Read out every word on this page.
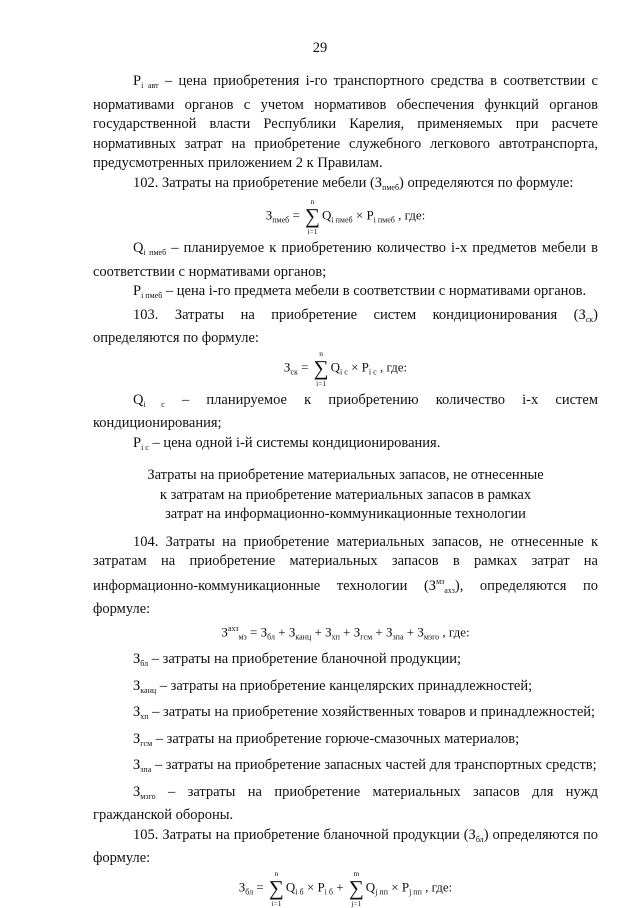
29

$P_{i авт}$ – цена приобретения i-го транспортного средства в соответствии с нормативами органов с учетом нормативов обеспечения функций органов государственной власти Республики Карелия, применяемых при расчете нормативных затрат на приобретение служебного легкового автотранспорта, предусмотренных приложением 2 к Правилам.

102. Затраты на приобретение мебели $(З_{пмеб})$ определяются по формуле:

$З_{пмеб}$ =
n
∑
i=1
$Q_{i пмеб} \times P_{i пмеб}$ , где:

$Q_{i пмеб}$ – планируемое к приобретению количество i-х предметов мебели в соответствии с нормативами органов;

$P_{i пмеб}$ – цена i-го предмета мебели в соответствии с нормативами органов.

103. Затраты на приобретение систем кондиционирования $(З_{ск})$ определяются по формуле:

$З_{ск}$ =
n
∑
i=1
$Q_{i с} \times P_{i с}$ , где:

$Q_{i с}$ – планируемое к приобретению количество i-х систем кондиционирования;

$P_{i с}$ – цена одной i-й системы кондиционирования.

Затраты на приобретение материальных запасов, не отнесенные
к затратам на приобретение материальных запасов в рамках
затрат на информационно-коммуникационные технологии

104. Затраты на приобретение материальных запасов, не отнесенные к затратам на приобретение материальных запасов в рамках затрат на информационно-коммуникационные технологии $(З^{мз}_{ахз})$, определяются по формуле:

$З^{ахз}_{мз} = З_{бл} + З_{канц} + З_{хп} + З_{гсм} + З_{зпа} + З_{мзго}$ , где:

$З_{бл}$ – затраты на приобретение бланочной продукции;

$З_{канц}$ – затраты на приобретение канцелярских принадлежностей;

$З_{хп}$ – затраты на приобретение хозяйственных товаров и принадлежностей;

$З_{гсм}$ – затраты на приобретение горюче-смазочных материалов;

$З_{зпа}$ – затраты на приобретение запасных частей для транспортных средств;

$З_{мзго}$ – затраты на приобретение материальных запасов для нужд гражданской обороны.

105. Затраты на приобретение бланочной продукции $(З_{бл})$ определяются по формуле:

$З_{бл}$ =
n
∑
i=1
$Q_{i б} \times P_{i б}$ +
m
∑
j=1
$Q_{j пп} \times P_{j пп}$ , где:
